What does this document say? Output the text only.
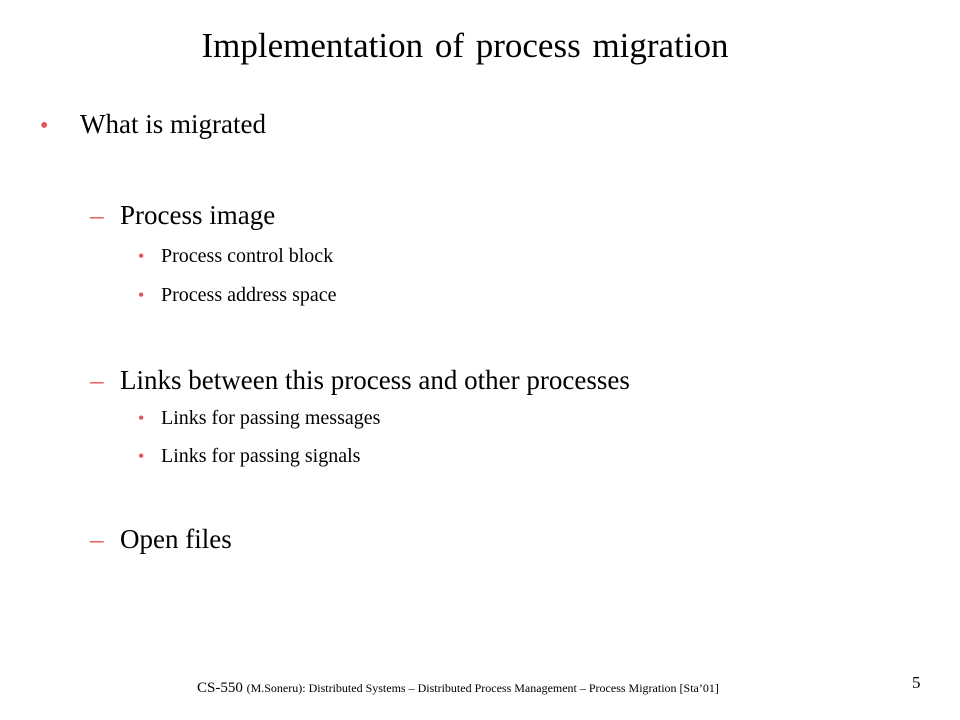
Implementation of process migration
• What is migrated
– Process image
• Process control block
• Process address space
– Links between this process and other processes
• Links for passing messages
• Links for passing signals
– Open files
CS-550 (M.Soneru): Distributed Systems – Distributed Process Management – Process Migration [Sta’01]	5
